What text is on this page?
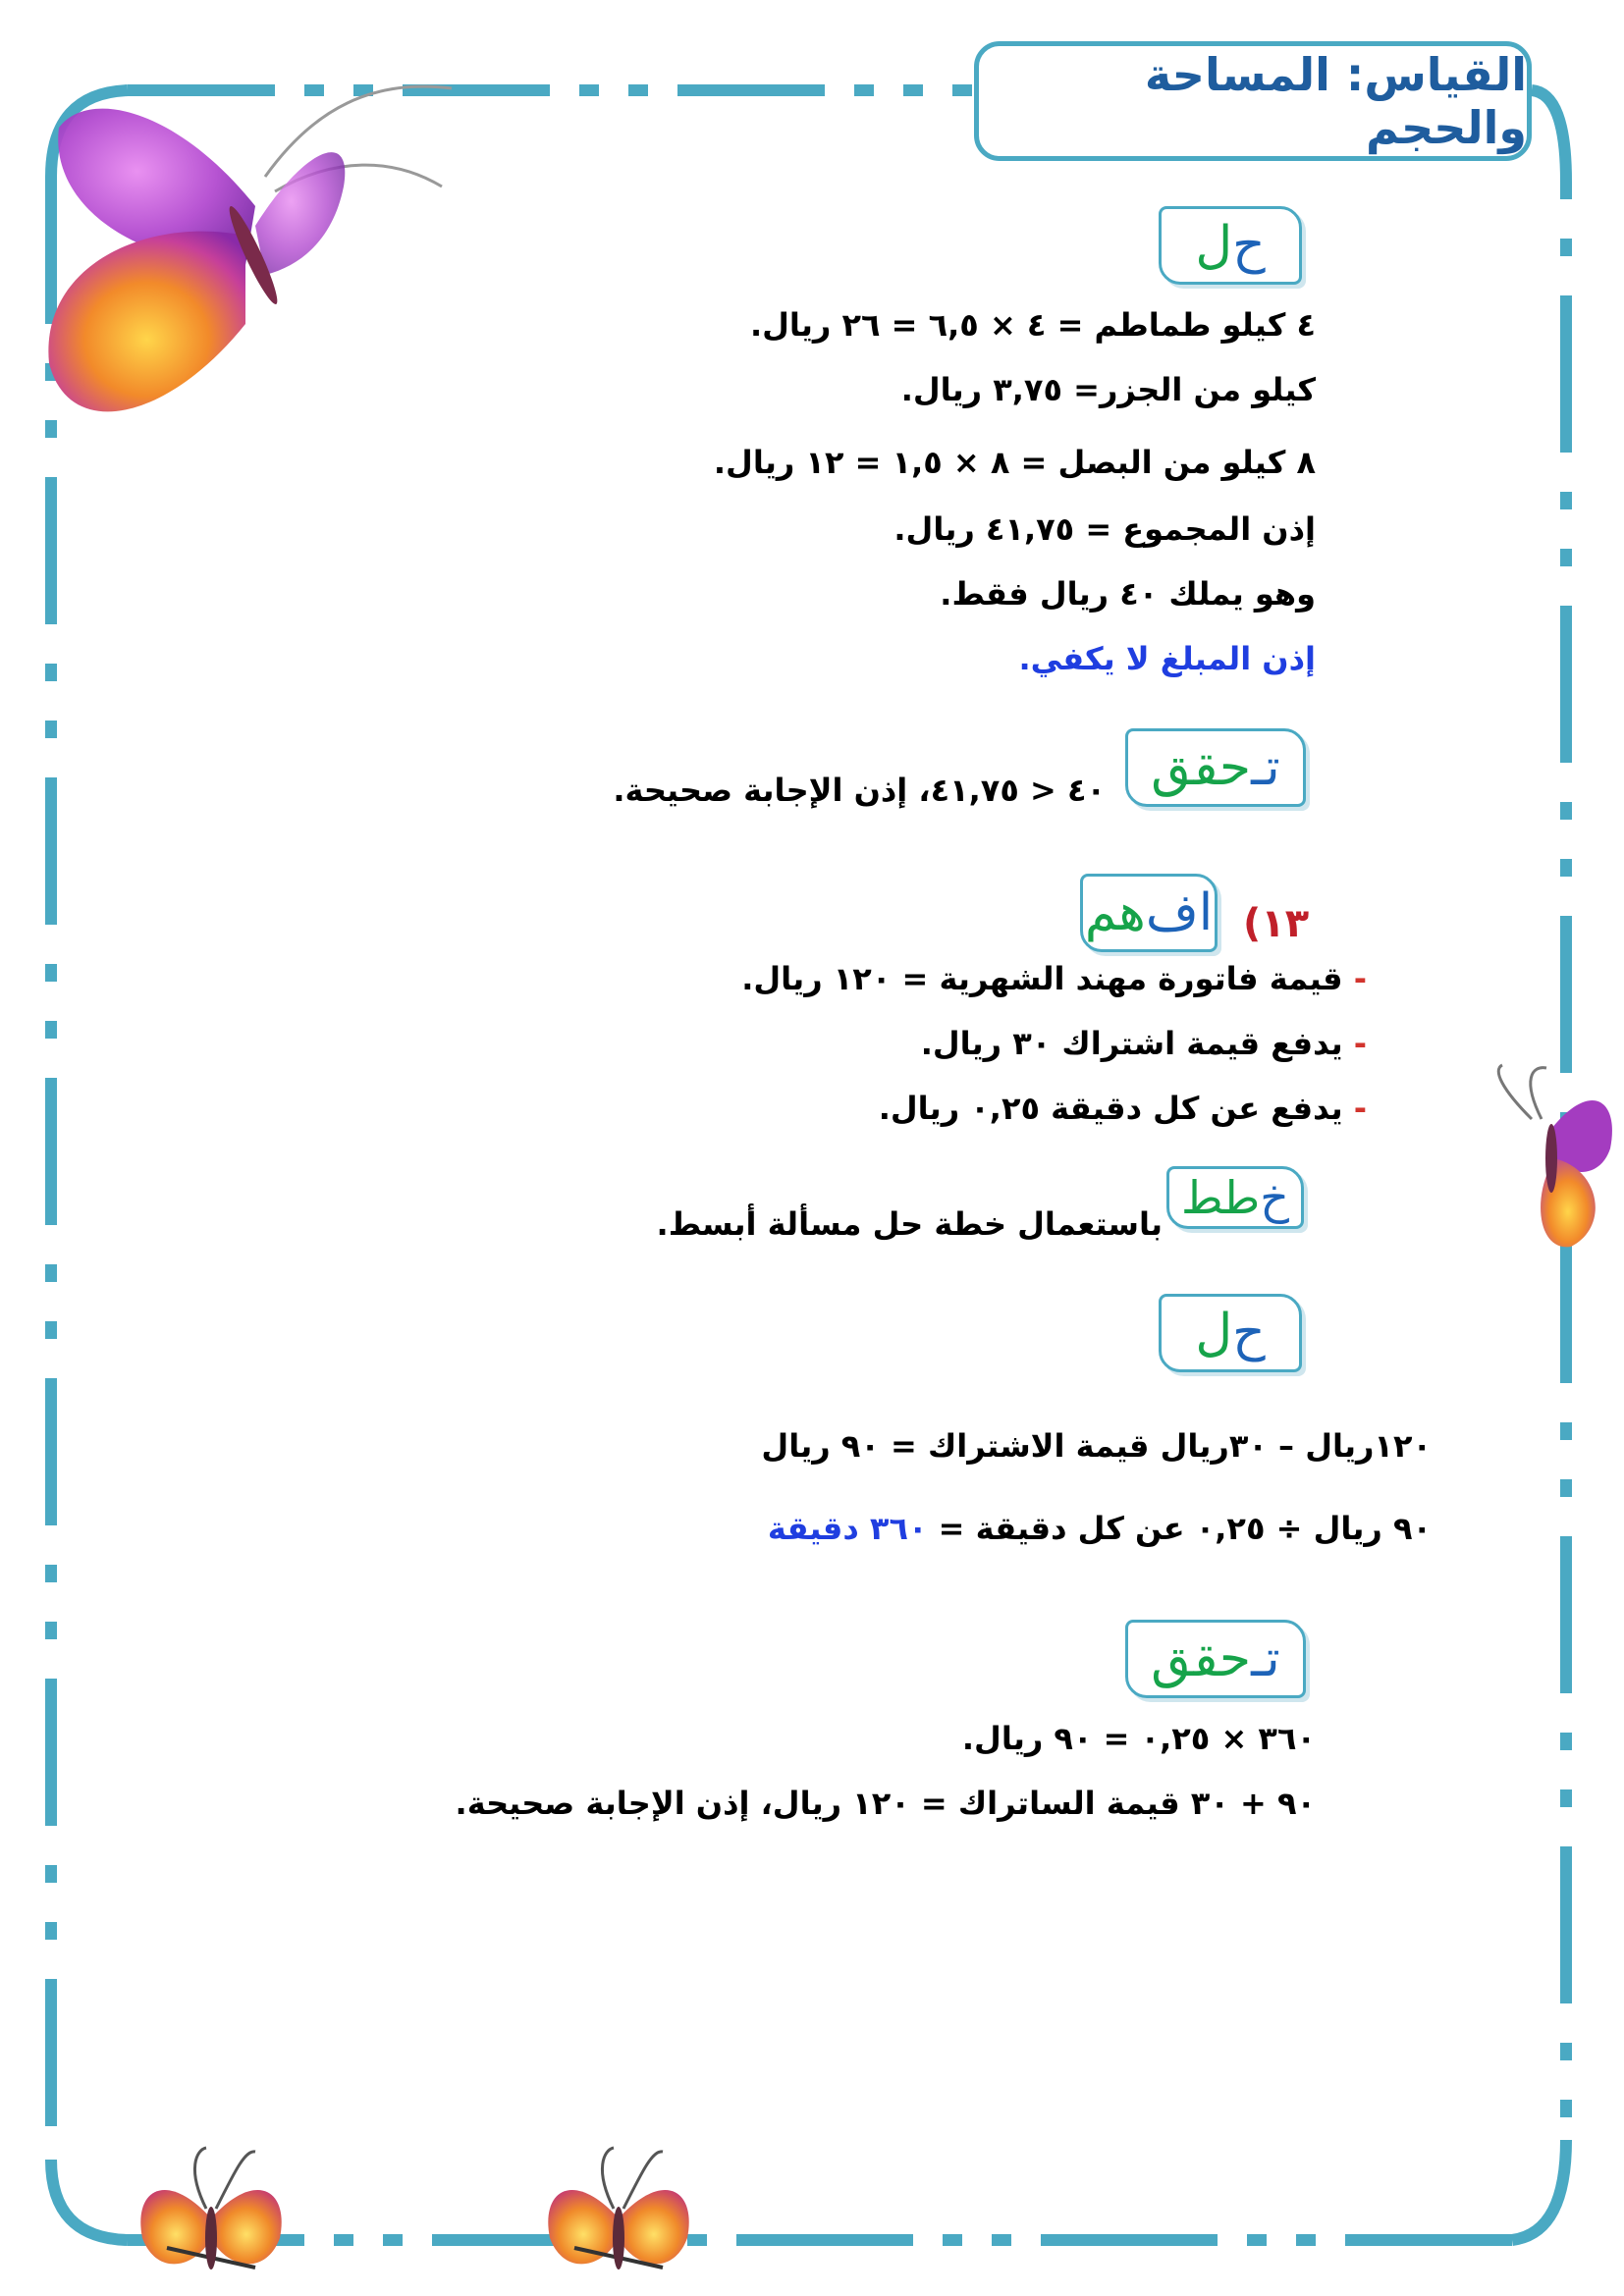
القياس: المساحة والحجم
ح
ل
٤ كيلو طماطم = ٤ × ٦,٥ = ٢٦ ريال.
كيلو من الجزر= ٣,٧٥ ريال.
٨ كيلو من البصل = ٨ × ١,٥ = ١٢ ريال.
إذن المجموع = ٤١,٧٥ ريال.
وهو يملك ٤٠ ريال فقط.
إذن المبلغ لا يكفي.
تـ
حقق
٤٠ < ٤١,٧٥، إذن الإجابة صحيحة.
اف
هم ١٣)
- قيمة فاتورة مهند الشهرية = ١٢٠ ريال.
- يدفع قيمة اشتراك ٣٠ ريال.
- يدفع عن كل دقيقة ٠,٢٥ ريال.
خ
طط
باستعمال خطة حل مسألة أبسط.
ح
ل
١٢٠ريال – ٣٠ريال قيمة الاشتراك = ٩٠ ريال
٩٠ ريال ÷ ٠,٢٥ عن كل دقيقة = ٣٦٠ دقيقة
تـ
حقق
٣٦٠ × ٠,٢٥ = ٩٠ ريال.
٩٠ + ٣٠ قيمة الساتراك = ١٢٠ ريال، إذن الإجابة صحيحة.
